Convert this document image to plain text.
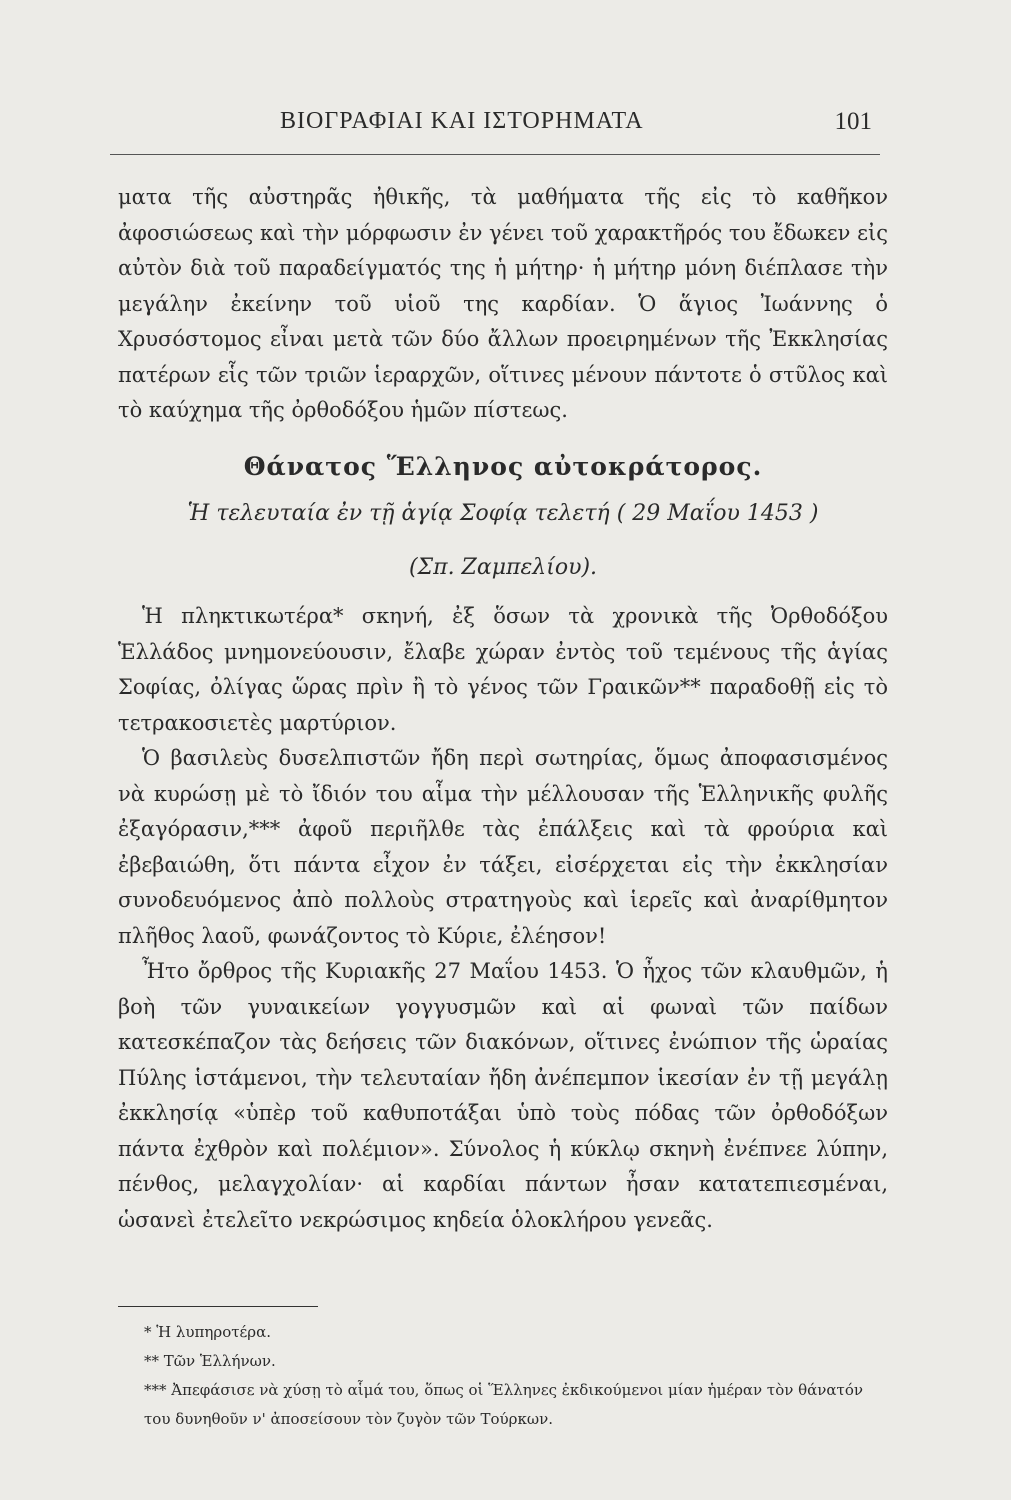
ΒΙΟΓΡΑΦΙΑΙ ΚΑΙ ΙΣΤΟΡΗΜΑΤΑ	101

ματα τῆς αὐστηρᾶς ἠθικῆς, τὰ μαθήματα τῆς εἰς τὸ καθῆκον ἀφοσιώσεως καὶ τὴν μόρφωσιν ἐν γένει τοῦ χαρακτῆρός του ἔδωκεν εἰς αὐτὸν διὰ τοῦ παραδείγματός της ἡ μήτηρ· ἡ μήτηρ μόνη διέπλασε τὴν μεγάλην ἐκείνην τοῦ υἱοῦ της καρδίαν. Ὁ ἅγιος Ἰωάννης ὁ Χρυσόστομος εἶναι μετὰ τῶν δύο ἄλλων προειρημένων τῆς Ἐκκλησίας πατέρων εἷς τῶν τριῶν ἱεραρχῶν, οἵτινες μένουν πάντοτε ὁ στῦλος καὶ τὸ καύχημα τῆς ὀρθοδόξου ἡμῶν πίστεως.

Θάνατος Ἕλληνος αὐτοκράτορος.
Ἡ τελευταία ἐν τῇ ἁγίᾳ Σοφίᾳ τελετή ( 29 Μαΐου 1453 )
(Σπ. Ζαμπελίου).

Ἡ πληκτικωτέρα* σκηνή, ἐξ ὅσων τὰ χρονικὰ τῆς Ὀρθοδόξου Ἑλλάδος μνημονεύουσιν, ἔλαβε χώραν ἐντὸς τοῦ τεμένους τῆς ἁγίας Σοφίας, ὀλίγας ὥρας πρὶν ἢ τὸ γένος τῶν Γραικῶν** παραδοθῇ εἰς τὸ τετρακοσιετὲς μαρτύριον.

Ὁ βασιλεὺς δυσελπιστῶν ἤδη περὶ σωτηρίας, ὅμως ἀποφασισμένος νὰ κυρώσῃ μὲ τὸ ἴδιόν του αἷμα τὴν μέλλουσαν τῆς Ἑλληνικῆς φυλῆς ἐξαγόρασιν,*** ἀφοῦ περιῆλθε τὰς ἐπάλξεις καὶ τὰ φρούρια καὶ ἐβεβαιώθη, ὅτι πάντα εἶχον ἐν τάξει, εἰσέρχεται εἰς τὴν ἐκκλησίαν συνοδευόμενος ἀπὸ πολλοὺς στρατηγοὺς καὶ ἱερεῖς καὶ ἀναρίθμητον πλῆθος λαοῦ, φωνάζοντος τὸ Κύριε, ἐλέησον!

Ἦτο ὄρθρος τῆς Κυριακῆς 27 Μαΐου 1453. Ὁ ἦχος τῶν κλαυθμῶν, ἡ βοὴ τῶν γυναικείων γογγυσμῶν καὶ αἱ φωναὶ τῶν παίδων κατεσκέπαζον τὰς δεήσεις τῶν διακόνων, οἵτινες ἐνώπιον τῆς ὡραίας Πύλης ἱστάμενοι, τὴν τελευταίαν ἤδη ἀνέπεμπον ἱκεσίαν ἐν τῇ μεγάλῃ ἐκκλησίᾳ «ὑπὲρ τοῦ καθυποτάξαι ὑπὸ τοὺς πόδας τῶν ὀρθοδόξων πάντα ἐχθρὸν καὶ πολέμιον». Σύνολος ἡ κύκλῳ σκηνὴ ἐνέπνεε λύπην, πένθος, μελαγχολίαν· αἱ καρδίαι πάντων ἦσαν κατατεπιεσμέναι, ὡσανεὶ ἐτελεῖτο νεκρώσιμος κηδεία ὁλοκλήρου γενεᾶς.

* Ἡ λυπηροτέρα.

** Τῶν Ἑλλήνων.

*** Ἀπεφάσισε νὰ χύσῃ τὸ αἷμά του, ὅπως οἱ Ἕλληνες ἐκδικούμενοι μίαν ἡμέραν τὸν θάνατόν του δυνηθοῦν ν' ἀποσείσουν τὸν ζυγὸν τῶν Τούρκων.
